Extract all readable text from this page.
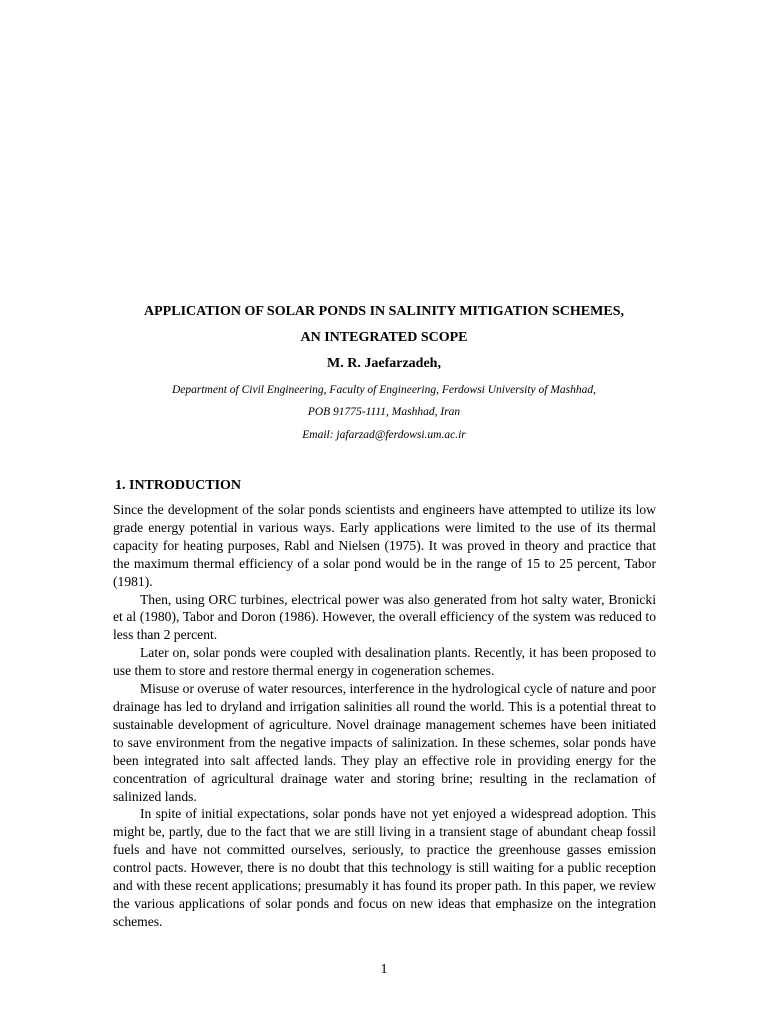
APPLICATION OF SOLAR PONDS IN SALINITY MITIGATION SCHEMES,
AN INTEGRATED SCOPE
M. R. Jaefarzadeh,
Department of Civil Engineering, Faculty of Engineering, Ferdowsi University of Mashhad,
POB 91775-1111, Mashhad, Iran
Email: jafarzad@ferdowsi.um.ac.ir
1. INTRODUCTION

Since the development of the solar ponds scientists and engineers have attempted to utilize its low grade energy potential in various ways. Early applications were limited to the use of its thermal capacity for heating purposes, Rabl and Nielsen (1975). It was proved in theory and practice that the maximum thermal efficiency of a solar pond would be in the range of 15 to 25 percent, Tabor (1981).

Then, using ORC turbines, electrical power was also generated from hot salty water, Bronicki et al (1980), Tabor and Doron (1986). However, the overall efficiency of the system was reduced to less than 2 percent.

Later on, solar ponds were coupled with desalination plants. Recently, it has been proposed to use them to store and restore thermal energy in cogeneration schemes.

Misuse or overuse of water resources, interference in the hydrological cycle of nature and poor drainage has led to dryland and irrigation salinities all round the world. This is a potential threat to sustainable development of agriculture. Novel drainage management schemes have been initiated to save environment from the negative impacts of salinization. In these schemes, solar ponds have been integrated into salt affected lands. They play an effective role in providing energy for the concentration of agricultural drainage water and storing brine; resulting in the reclamation of salinized lands.

In spite of initial expectations, solar ponds have not yet enjoyed a widespread adoption. This might be, partly, due to the fact that we are still living in a transient stage of abundant cheap fossil fuels and have not committed ourselves, seriously, to practice the greenhouse gasses emission control pacts. However, there is no doubt that this technology is still waiting for a public reception and with these recent applications; presumably it has found its proper path. In this paper, we review the various applications of solar ponds and focus on new ideas that emphasize on the integration schemes.

1
